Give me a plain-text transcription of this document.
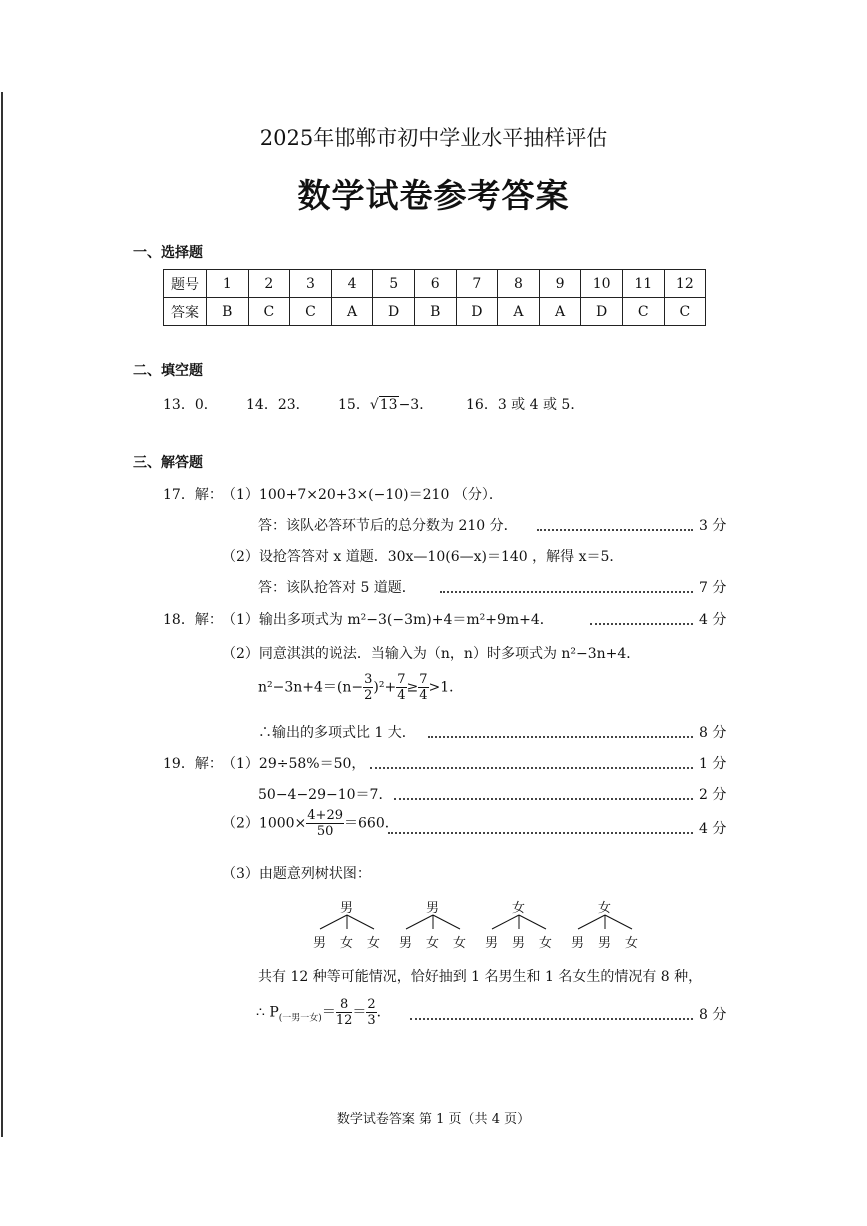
2025年邯郸市初中学业水平抽样评估
数学试卷参考答案
一、选择题
题号	1	2	3	4	5	6	7	8	9	10	11	12
答案	B	C	C	A	D	B	D	A	A	D	C	C
二、填空题
13．0． 14．23． 15．√13−3． 16．3 或 4 或 5．
三、解答题
17．解： （1）100+7×20+3×(−10)＝210 （分）．
答：该队必答环节后的总分数为 210 分．	3 分
（2）设抢答答对 x 道题．30x—10(6—x)＝140 ，解得 x＝5．
答：该队抢答对 5 道题．	7 分
18．解： （1）输出多项式为 m²−3(−3m)+4＝m²+9m+4．	4 分
（2）同意淇淇的说法．当输入为（n，n）时多项式为 n²−3n+4．
$n^2-3n+4=(n- \frac{3}{2} )^2+ \frac{7}{4} \ge \frac{7}{4} >1$．
∴输出的多项式比 1 大．	8 分
19．解： （1）29÷58%＝50，	1 分
50−4−29−10＝7．	2 分
$(2)1000\times \frac{4+29}{50} =660$．	4 分
（3）由题意列树状图：
男	男	女	女
男 女 女 男 女 女 男 男 女 男 男 女
共有 12 种等可能情况，恰好抽到 1 名男生和 1 名女生的情况有 8 种，
∴ $P_{(一男一女)}= \frac{8}{12} = \frac{2}{3}$ ．	8 分
数学试卷答案 第 1 页（共 4 页）
